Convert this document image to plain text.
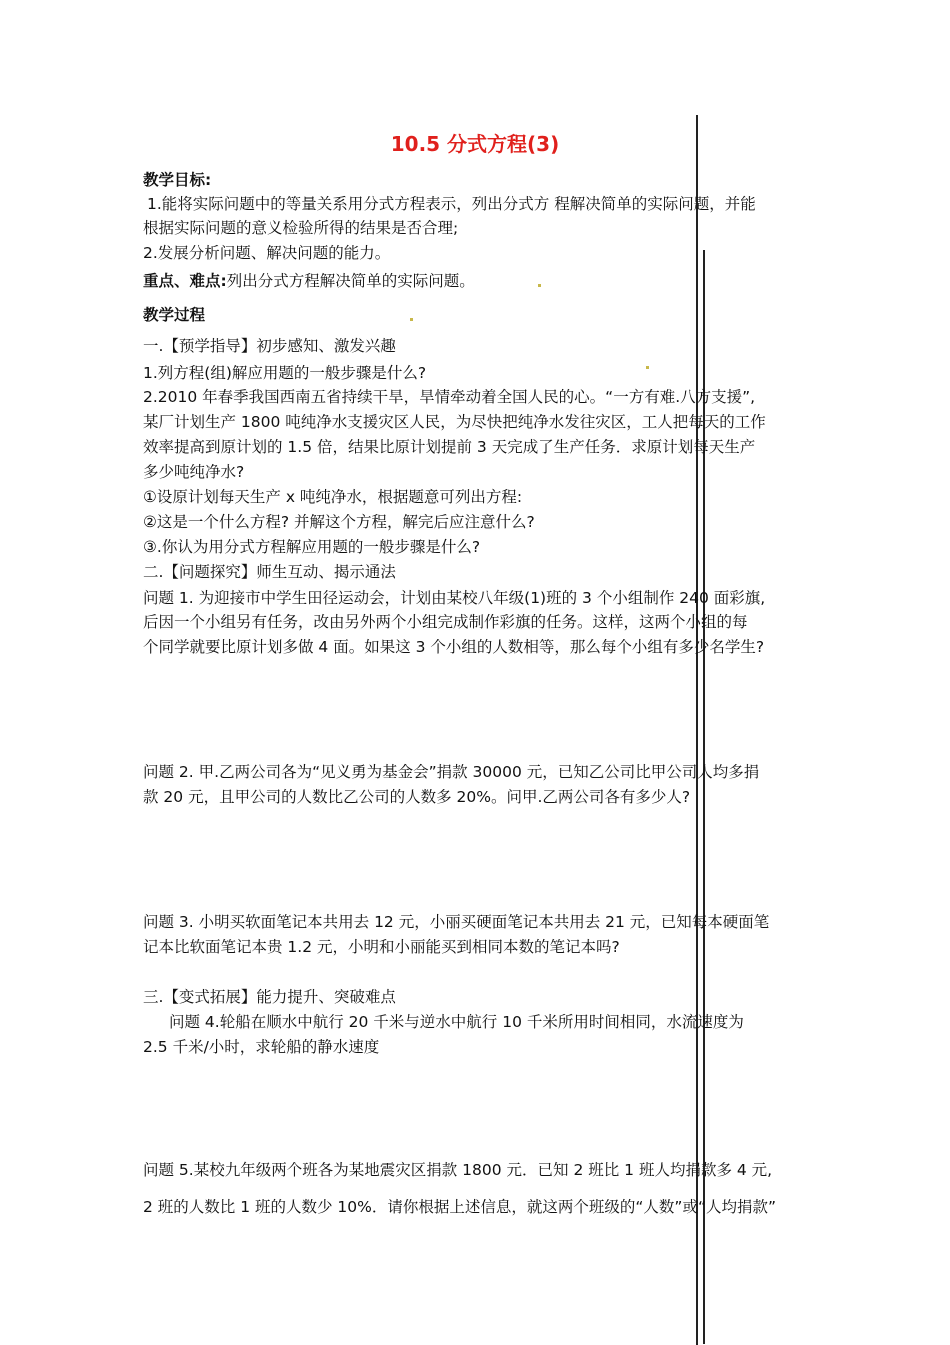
10.5 分式方程(3)
教学目标:
1.能将实际问题中的等量关系用分式方程表示，列出分式方 程解决简单的实际问题，并能
根据实际问题的意义检验所得的结果是否合理;
2.发展分析问题、解决问题的能力。
重点、难点:列出分式方程解决简单的实际问题。
教学过程
一.【预学指导】初步感知、激发兴趣
1.列方程(组)解应用题的一般步骤是什么?
2.2010 年春季我国西南五省持续干旱，旱情牵动着全国人民的心。“一方有难.八方支援”,
某厂计划生产 1800 吨纯净水支援灾区人民，为尽快把纯净水发往灾区，工人把每天的工作
效率提高到原计划的 1.5 倍，结果比原计划提前 3 天完成了生产任务．求原计划每天生产
多少吨纯净水?
①设原计划每天生产 x 吨纯净水，根据题意可列出方程:
②这是一个什么方程? 并解这个方程，解完后应注意什么?
③.你认为用分式方程解应用题的一般步骤是什么?
二.【问题探究】师生互动、揭示通法
问题 1. 为迎接市中学生田径运动会，计划由某校八年级(1)班的 3 个小组制作 240 面彩旗,
后因一个小组另有任务，改由另外两个小组完成制作彩旗的任务。这样，这两个小组的每
个同学就要比原计划多做 4 面。如果这 3 个小组的人数相等，那么每个小组有多少名学生?
问题 2. 甲.乙两公司各为“见义勇为基金会”捐款 30000 元，已知乙公司比甲公司人均多捐
款 20 元，且甲公司的人数比乙公司的人数多 20%。问甲.乙两公司各有多少人?
问题 3. 小明买软面笔记本共用去 12 元，小丽买硬面笔记本共用去 21 元，已知每本硬面笔
记本比软面笔记本贵 1.2 元，小明和小丽能买到相同本数的笔记本吗?
三.【变式拓展】能力提升、突破难点
问题 4.轮船在顺水中航行 20 千米与逆水中航行 10 千米所用时间相同，水流速度为
2.5 千米/小时，求轮船的静水速度
问题 5.某校九年级两个班各为某地震灾区捐款 1800 元．已知 2 班比 1 班人均捐款多 4 元,
2 班的人数比 1 班的人数少 10%．请你根据上述信息，就这两个班级的“人数”或“人均捐款”
